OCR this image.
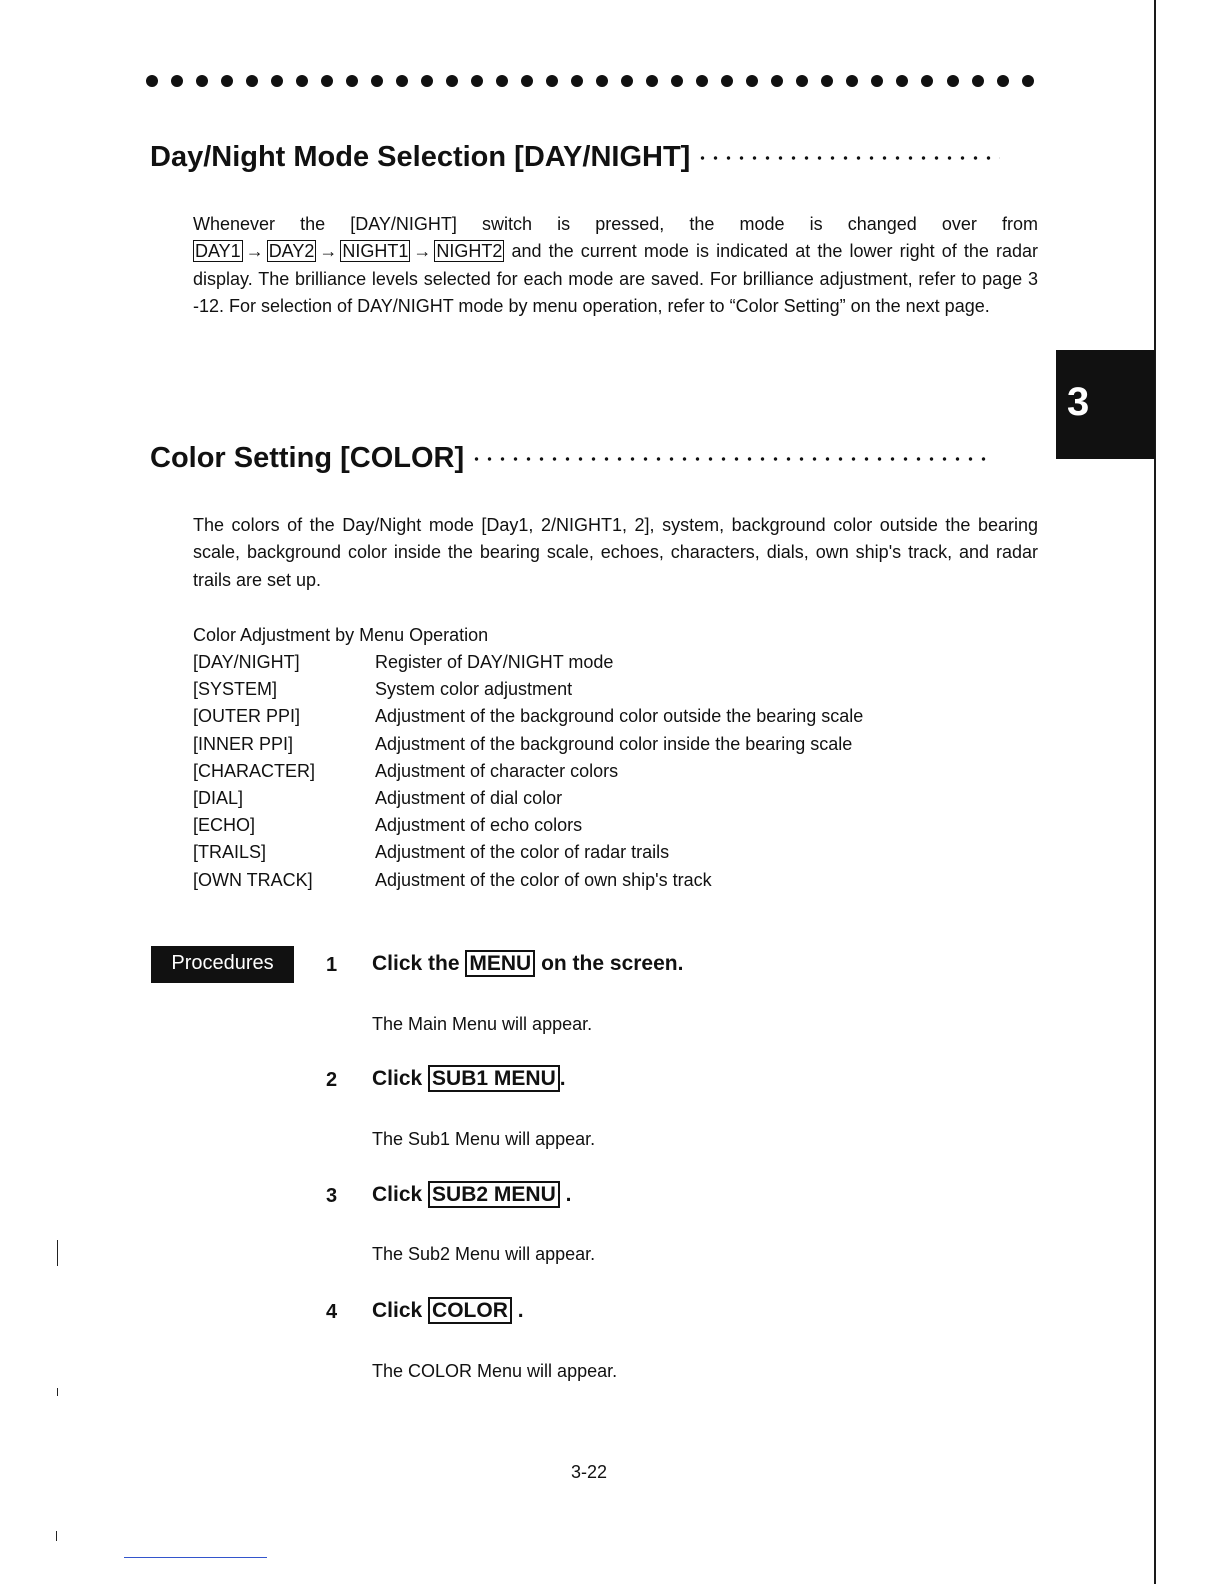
3
Day/Night Mode Selection [DAY/NIGHT]

Whenever the [DAY/NIGHT] switch is pressed, the mode is changed over from DAY1 → DAY2 → NIGHT1 → NIGHT2 and the current mode is indicated at the lower right of the radar display. The brilliance levels selected for each mode are saved. For brilliance adjustment, refer to page 3 -12. For selection of DAY/NIGHT mode by menu operation, refer to “Color Setting” on the next page.

Color Setting [COLOR]

The colors of the Day/Night mode [Day1, 2/NIGHT1, 2], system, background color outside the bearing scale, background color inside the bearing scale, echoes, characters, dials, own ship's track, and radar trails are set up.

Color Adjustment by Menu Operation
[DAY/NIGHT]	Register of DAY/NIGHT mode
[SYSTEM]	System color adjustment
[OUTER PPI]	Adjustment of the background color outside the bearing scale
[INNER PPI]	Adjustment of the background color inside the bearing scale
[CHARACTER]	Adjustment of character colors
[DIAL]	Adjustment of dial color
[ECHO]	Adjustment of echo colors
[TRAILS]	Adjustment of the color of radar trails
[OWN TRACK]	Adjustment of the color of own ship's track
Procedures	1 Click the MENU on the screen.
The Main Menu will appear.
2 Click SUB1 MENU .
The Sub1 Menu will appear.
3 Click SUB2 MENU .
The Sub2 Menu will appear.
4 Click COLOR .
The COLOR Menu will appear.
3-22
